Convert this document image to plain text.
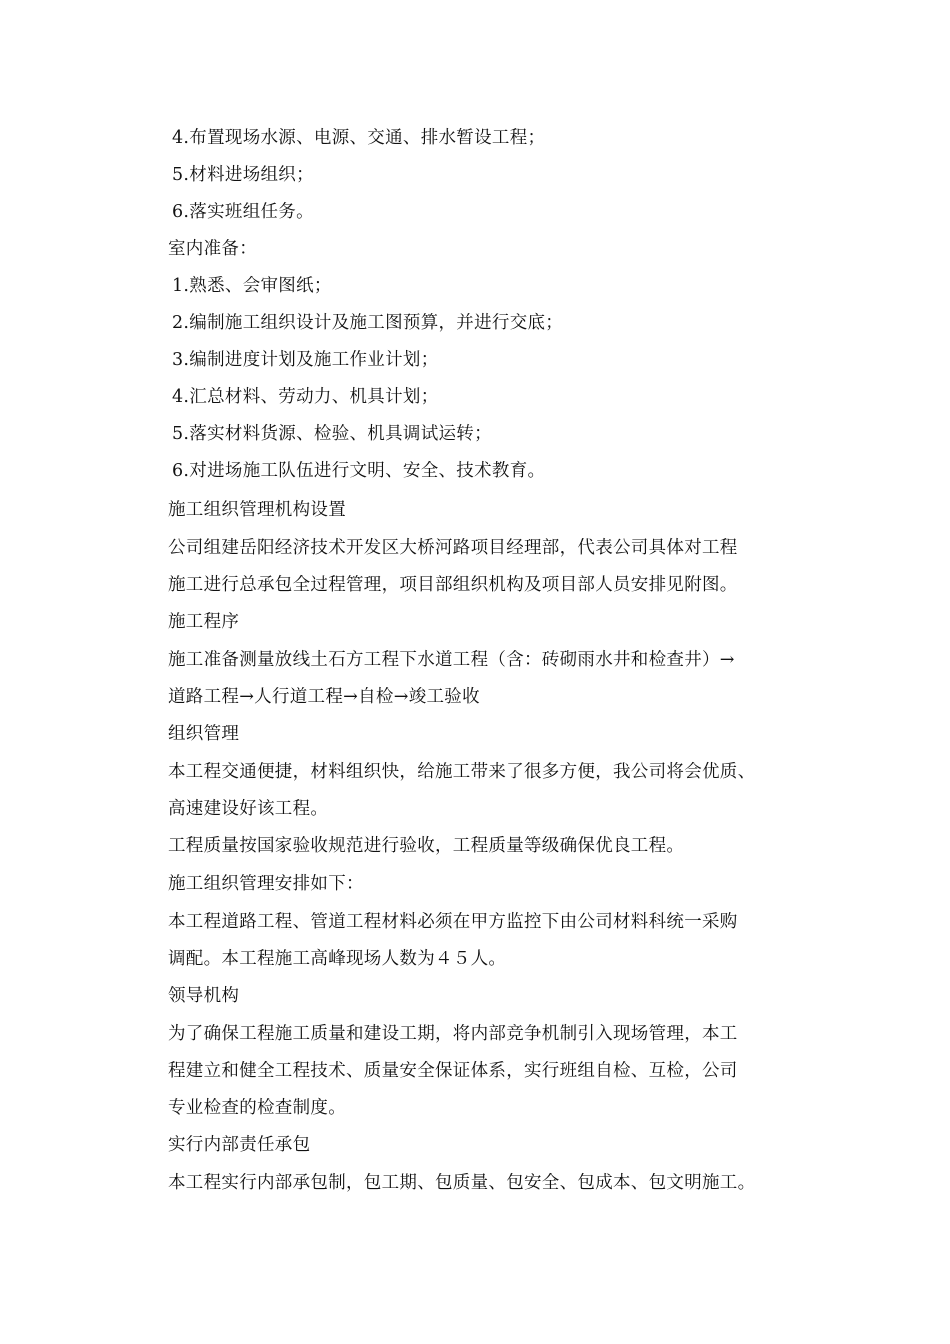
4.布置现场水源、电源、交通、排水暂设工程；
5.材料进场组织；
6.落实班组任务。
室内准备：
1.熟悉、会审图纸；
2.编制施工组织设计及施工图预算，并进行交底；
3.编制进度计划及施工作业计划；
4.汇总材料、劳动力、机具计划；
5.落实材料货源、检验、机具调试运转；
6.对进场施工队伍进行文明、安全、技术教育。
施工组织管理机构设置
公司组建岳阳经济技术开发区大桥河路项目经理部，代表公司具体对工程
施工进行总承包全过程管理，项目部组织机构及项目部人员安排见附图。
施工程序
施工准备测量放线土石方工程下水道工程（含：砖砌雨水井和检查井）→
道路工程→人行道工程→自检→竣工验收
组织管理
本工程交通便捷，材料组织快，给施工带来了很多方便，我公司将会优质、
高速建设好该工程。
工程质量按国家验收规范进行验收，工程质量等级确保优良工程。
施工组织管理安排如下：
本工程道路工程、管道工程材料必须在甲方监控下由公司材料科统一采购
调配。本工程施工高峰现场人数为４５人。
领导机构
为了确保工程施工质量和建设工期，将内部竞争机制引入现场管理，本工
程建立和健全工程技术、质量安全保证体系，实行班组自检、互检，公司
专业检查的检查制度。
实行内部责任承包
本工程实行内部承包制，包工期、包质量、包安全、包成本、包文明施工。
